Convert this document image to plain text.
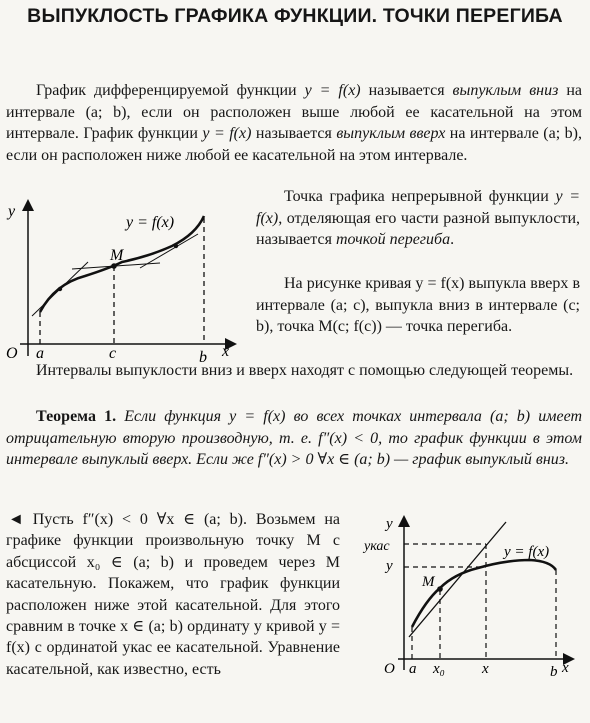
ВЫПУКЛОСТЬ ГРАФИКА ФУНКЦИИ. ТОЧКИ ПЕРЕГИБА

График дифференцируемой функции y = f(x) называется выпуклым вниз на интервале (a; b), если он расположен выше любой ее касательной на этом интервале. График функции y = f(x) называется выпуклым вверх на интервале (a; b), если он расположен ниже любой ее касательной на этом интервале.

y
x
O
M
y = f(x)
a	c	b

Точка графика непрерывной функции y = f(x), отделяющая его части разной выпуклости, называется точкой перегиба.

На рисунке кривая y = f(x) выпукла вверх в интервале (a; c), выпукла вниз в интервале (c; b), точка M(c; f(c)) — точка перегиба.

Интервалы выпуклости вниз и вверх находят с помощью следующей теоремы.

Теорема 1. Если функция y = f(x) во всех точках интервала (a; b) имеет отрицательную вторую производную, т. е. f″(x) < 0, то график функции в этом интервале выпуклый вверх. Если же f″(x) > 0 ∀x ∈ (a; b) — график выпуклый вниз.

◄ Пусть f″(x) < 0 ∀x ∈ (a; b). Возьмем на графике функции произвольную точку M с абсциссой x₀ ∈ (a; b) и проведем через M касательную. Покажем, что график функции расположен ниже этой касательной. Для этого сравним в точке x ∈ (a; b) ординату y кривой y = f(x) с ординатой yкас ее касательной. Уравнение касательной, как известно, есть

y
x
O
yкас
y
M
y = f(x)
a x₀ x	b
